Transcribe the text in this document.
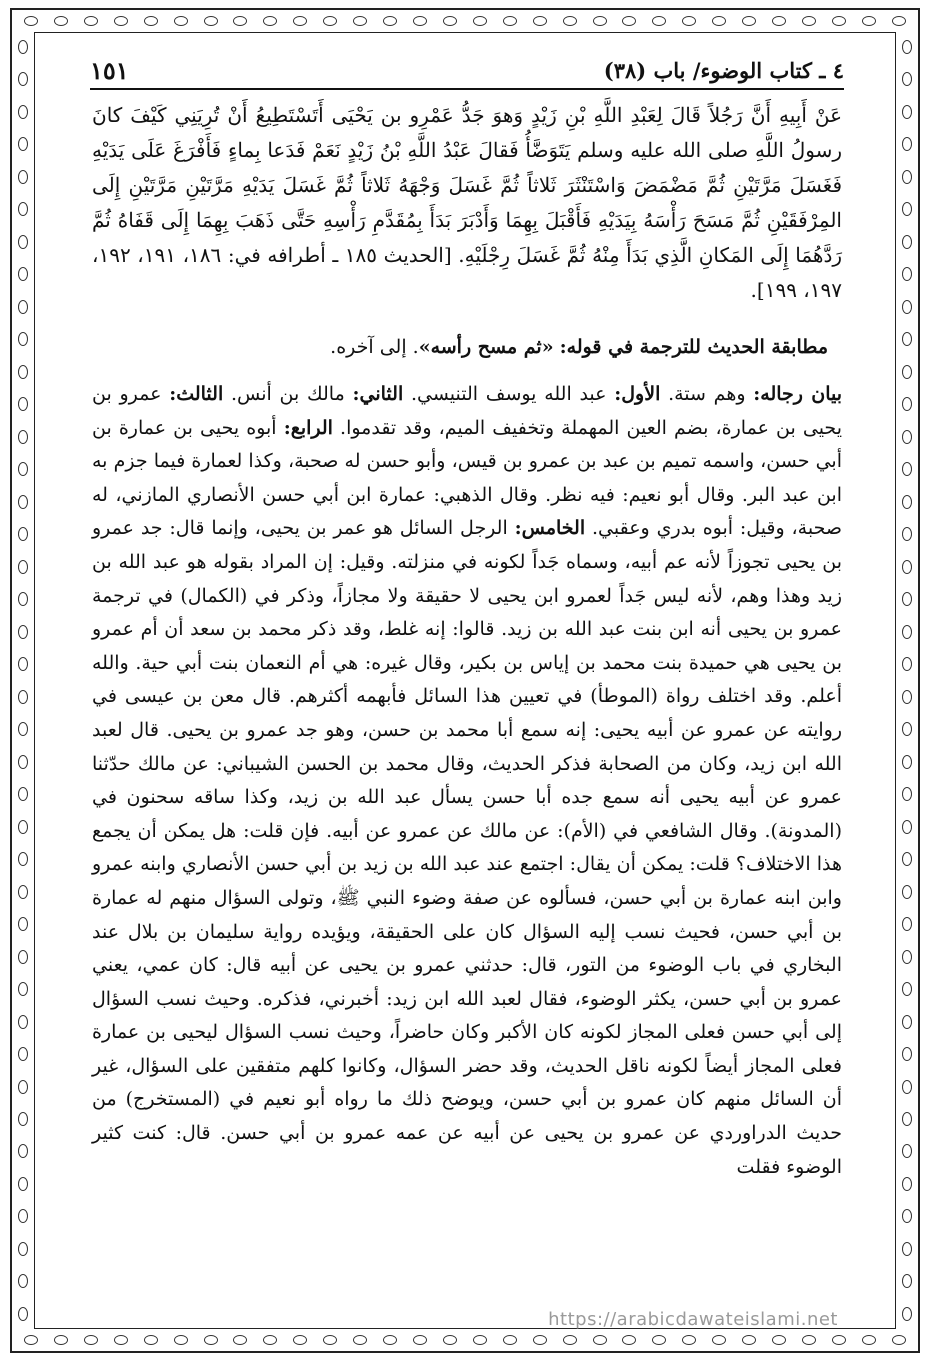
٤ ـ كتاب الوضوء/ باب (٣٨)
١٥١

عَنْ أَبِيهِ أَنَّ رَجُلاً قَالَ لِعَبْدِ اللَّهِ بْنِ زَيْدٍ وَهوَ جَدُّ عَمْرِو بن يَحْيَى أَتَسْتَطِيعُ أَنْ تُرِيَنِي كَيْفَ كانَ رسولُ اللَّهِ صلى الله عليه وسلم يَتَوَضَّأُ فَقالَ عَبْدُ اللَّهِ بْنُ زَيْدٍ نَعَمْ فَدَعا بِماءٍ فَأَفْرَغَ عَلَى يَدَيْهِ فَغَسَلَ مَرَّتَيْنِ ثُمَّ مَضْمَضَ وَاسْتَنْثَرَ ثَلاثاً ثُمَّ غَسَلَ وَجْهَهُ ثَلاثاً ثُمَّ غَسَلَ يَدَيْهِ مَرَّتَيْنِ مَرَّتَيْنِ إِلَى المِرْفَقَيْنِ ثُمَّ مَسَحَ رَأْسَهُ بِيَدَيْهِ فَأَقْبَلَ بِهِمَا وَأَدْبَرَ بَدَأَ بِمُقَدَّمِ رَأْسِهِ حَتَّى ذَهَبَ بِهِمَا إِلَى قَفَاهُ ثُمَّ رَدَّهُمَا إِلَى المَكانِ الَّذِي بَدَأَ مِنْهُ ثُمَّ غَسَلَ رِجْلَيْهِ. [الحديث ١٨٥ ـ أطرافه في: ١٨٦، ١٩١، ١٩٢، ١٩٧، ١٩٩].

مطابقة الحديث للترجمة في قوله: «ثم مسح رأسه». إلى آخره.

بيان رجاله: وهم ستة. الأول: عبد الله يوسف التنيسي. الثاني: مالك بن أنس. الثالث: عمرو بن يحيى بن عمارة، بضم العين المهملة وتخفيف الميم، وقد تقدموا. الرابع: أبوه يحيى بن عمارة بن أبي حسن، واسمه تميم بن عبد بن عمرو بن قيس، وأبو حسن له صحبة، وكذا لعمارة فيما جزم به ابن عبد البر. وقال أبو نعيم: فيه نظر. وقال الذهبي: عمارة ابن أبي حسن الأنصاري المازني، له صحبة، وقيل: أبوه بدري وعقبي. الخامس: الرجل السائل هو عمر بن يحيى، وإنما قال: جد عمرو بن يحيى تجوزاً لأنه عم أبيه، وسماه جَداً لكونه في منزلته. وقيل: إن المراد بقوله هو عبد الله بن زيد وهذا وهم، لأنه ليس جَداً لعمرو ابن يحيى لا حقيقة ولا مجازاً، وذكر في (الكمال) في ترجمة عمرو بن يحيى أنه ابن بنت عبد الله بن زيد. قالوا: إنه غلط، وقد ذكر محمد بن سعد أن أم عمرو بن يحيى هي حميدة بنت محمد بن إياس بن بكير، وقال غيره: هي أم النعمان بنت أبي حية. والله أعلم. وقد اختلف رواة (الموطأ) في تعيين هذا السائل فأبهمه أكثرهم. قال معن بن عيسى في روايته عن عمرو عن أبيه يحيى: إنه سمع أبا محمد بن حسن، وهو جد عمرو بن يحيى. قال لعبد الله ابن زيد، وكان من الصحابة فذكر الحديث، وقال محمد بن الحسن الشيباني: عن مالك حدّثنا عمرو عن أبيه يحيى أنه سمع جده أبا حسن يسأل عبد الله بن زيد، وكذا ساقه سحنون في (المدونة). وقال الشافعي في (الأم): عن مالك عن عمرو عن أبيه. فإن قلت: هل يمكن أن يجمع هذا الاختلاف؟ قلت: يمكن أن يقال: اجتمع عند عبد الله بن زيد بن أبي حسن الأنصاري وابنه عمرو وابن ابنه عمارة بن أبي حسن، فسألوه عن صفة وضوء النبي ﷺ، وتولى السؤال منهم له عمارة بن أبي حسن، فحيث نسب إليه السؤال كان على الحقيقة، ويؤيده رواية سليمان بن بلال عند البخاري في باب الوضوء من التور، قال: حدثني عمرو بن يحيى عن أبيه قال: كان عمي، يعني عمرو بن أبي حسن، يكثر الوضوء، فقال لعبد الله ابن زيد: أخبرني، فذكره. وحيث نسب السؤال إلى أبي حسن فعلى المجاز لكونه كان الأكبر وكان حاضراً، وحيث نسب السؤال ليحيى بن عمارة فعلى المجاز أيضاً لكونه ناقل الحديث، وقد حضر السؤال، وكانوا كلهم متفقين على السؤال، غير أن السائل منهم كان عمرو بن أبي حسن، ويوضح ذلك ما رواه أبو نعيم في (المستخرج) من حديث الدراوردي عن عمرو بن يحيى عن أبيه عن عمه عمرو بن أبي حسن. قال: كنت كثير الوضوء فقلت

https://arabicdawateislami.net
